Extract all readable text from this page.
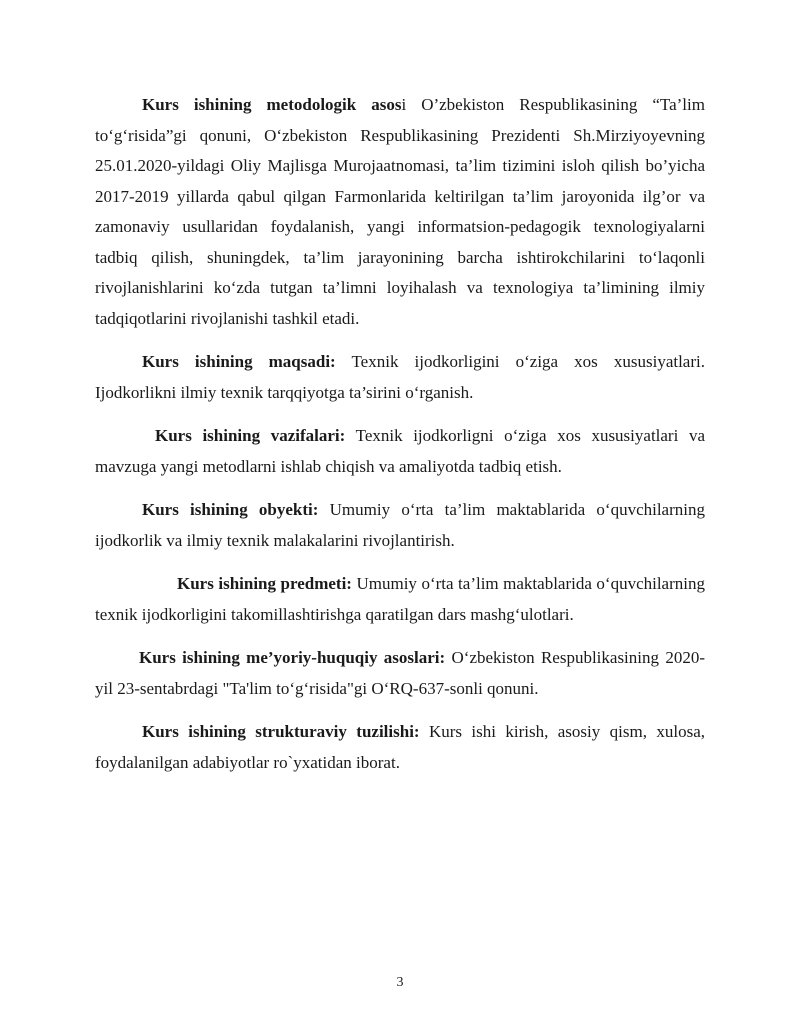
Kurs ishining metodologik asosi O’zbekiston Respublikasining “Ta’lim to‘g‘risida”gi qonuni, O‘zbekiston Respublikasining Prezidenti Sh.Mirziyoyevning 25.01.2020-yildagi Oliy Majlisga Murojaatnomasi, ta’lim tizimini isloh qilish bo’yicha 2017-2019 yillarda qabul qilgan Farmonlarida keltirilgan ta’lim jaroyonida ilg’or va zamonaviy usullaridan foydalanish, yangi informatsion-pedagogik texnologiyalarni tadbiq qilish, shuningdek, ta’lim jarayonining barcha ishtirokchilarini to‘laqonli rivojlanishlarini ko‘zda tutgan ta’limni loyihalash va texnologiya ta’limining ilmiy tadqiqotlarini rivojlanishi tashkil etadi.

Kurs ishining maqsadi: Texnik ijodkorligini o‘ziga xos xususiyatlari. Ijodkorlikni ilmiy texnik tarqqiyotga ta’sirini o‘rganish.

Kurs ishining vazifalari: Texnik ijodkorligni o‘ziga xos xususiyatlari va mavzuga yangi metodlarni ishlab chiqish va amaliyotda tadbiq etish.

Kurs ishining obyekti: Umumiy o‘rta ta’lim maktablarida o‘quvchilarning ijodkorlik va ilmiy texnik malakalarini rivojlantirish.

Kurs ishining predmeti: Umumiy o‘rta ta’lim maktablarida o‘quvchilarning texnik ijodkorligini takomillashtirishga qaratilgan dars mashg‘ulotlari.

Kurs ishining me’yoriy-huquqiy asoslari: O‘zbekiston Respublikasining 2020-yil 23-sentabrdagi "Ta'lim to‘g‘risida"gi O‘RQ-637-sonli qonuni.

Kurs ishining strukturaviy tuzilishi: Kurs ishi kirish, asosiy qism, xulosa, foydalanilgan adabiyotlar ro`yxatidan iborat.

3
